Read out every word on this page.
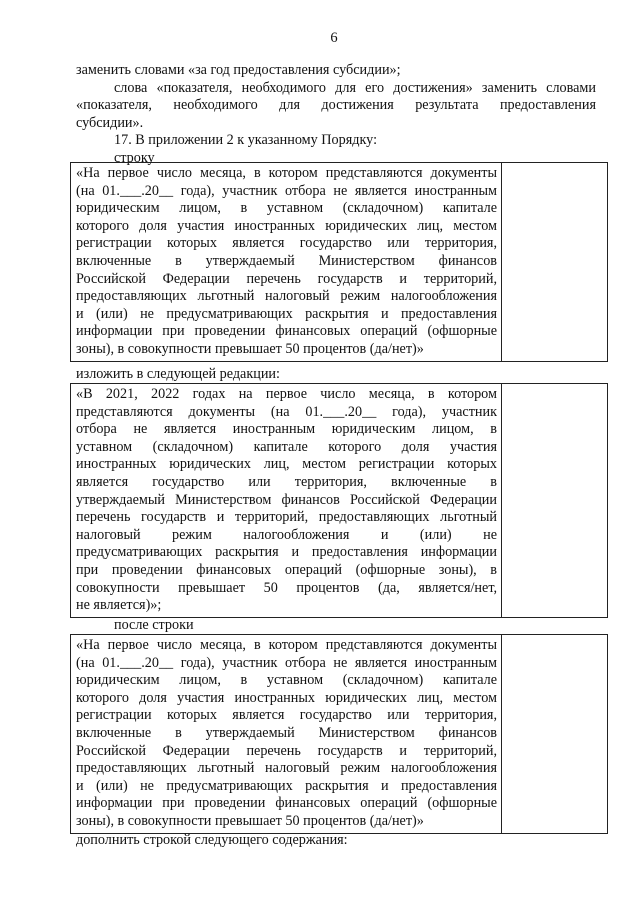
6
заменить словами «за год предоставления субсидии»;
слова «показателя, необходимого для его достижения» заменить словами
«показателя, необходимого для достижения результата предоставления
субсидии».
17. В приложении 2 к указанному Порядку:
строку
«На первое число месяца, в котором представляются документы
(на 01.___.20__ года), участник отбора не является иностранным
юридическим лицом, в уставном (складочном) капитале
которого доля участия иностранных юридических лиц, местом
регистрации которых является государство или территория,
включенные в утверждаемый Министерством финансов
Российской Федерации перечень государств и территорий,
предоставляющих льготный налоговый режим налогообложения
и (или) не предусматривающих раскрытия и предоставления
информации при проведении финансовых операций (офшорные
зоны), в совокупности превышает 50 процентов (да/нет)»

изложить в следующей редакции:
«В 2021, 2022 годах на первое число месяца, в котором
представляются документы (на 01.___.20__ года), участник
отбора не является иностранным юридическим лицом, в
уставном (складочном) капитале которого доля участия
иностранных юридических лиц, местом регистрации которых
является государство или территория, включенные в
утверждаемый Министерством финансов Российской Федерации
перечень государств и территорий, предоставляющих льготный
налоговый режим налогообложения и (или) не
предусматривающих раскрытия и предоставления информации
при проведении финансовых операций (офшорные зоны), в
совокупности превышает 50 процентов (да, является/нет,
не является)»;

после строки
«На первое число месяца, в котором представляются документы
(на 01.___.20__ года), участник отбора не является иностранным
юридическим лицом, в уставном (складочном) капитале
которого доля участия иностранных юридических лиц, местом
регистрации которых является государство или территория,
включенные в утверждаемый Министерством финансов
Российской Федерации перечень государств и территорий,
предоставляющих льготный налоговый режим налогообложения
и (или) не предусматривающих раскрытия и предоставления
информации при проведении финансовых операций (офшорные
зоны), в совокупности превышает 50 процентов (да/нет)»

дополнить строкой следующего содержания:
